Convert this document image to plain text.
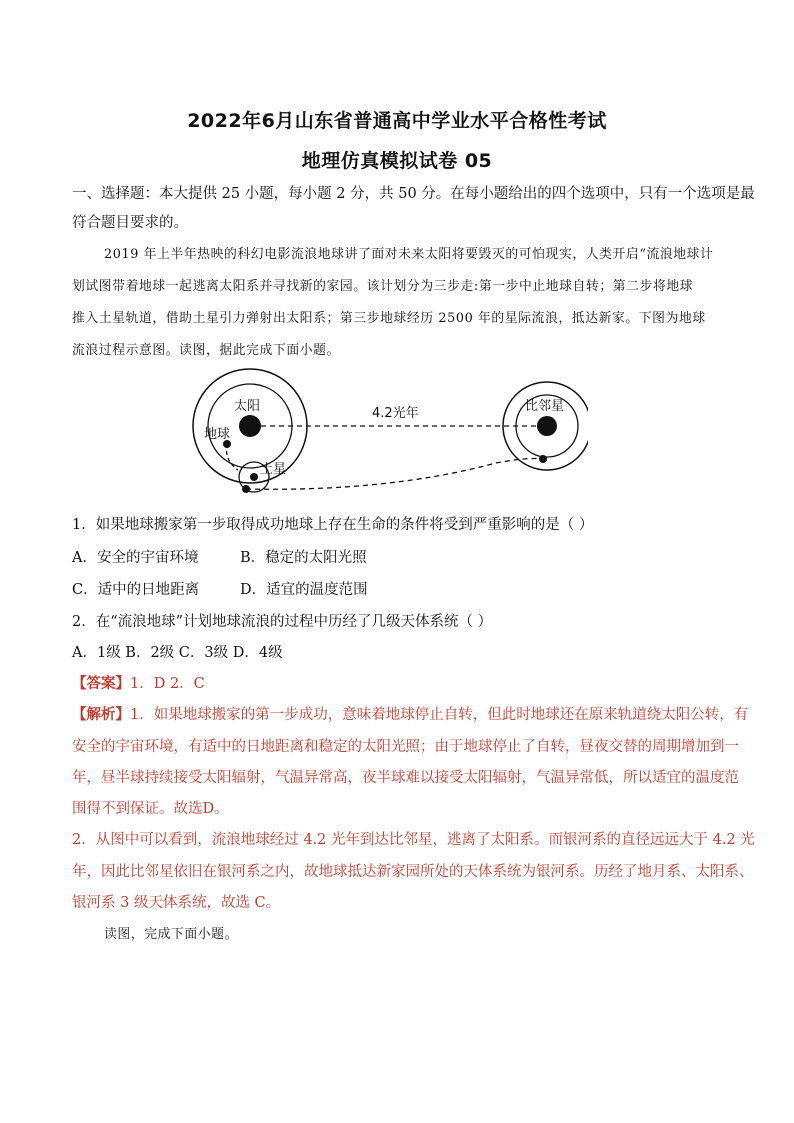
2022年6月山东省普通高中学业水平合格性考试
地理仿真模拟试卷 05
一、选择题：本大提供 25 小题，每小题 2 分，共 50 分。在每小题给出的四个选项中，只有一个选项是最
符合题目要求的。
2019 年上半年热映的科幻电影流浪地球讲了面对未来太阳将要毁灭的可怕现实，人类开启“流浪地球计
划试图带着地球一起逃离太阳系并寻找新的家园。该计划分为三步走:第一步中止地球自转；第二步将地球
推入土星轨道，借助土星引力弹射出太阳系；第三步地球经历 2500 年的星际流浪，抵达新家。下图为地球
流浪过程示意图。读图，据此完成下面小题。
太阳
地球
土星
比邻星
4.2光年
1．如果地球搬家第一步取得成功地球上存在生命的条件将受到严重影响的是（ ）
A．安全的宇宙环境	B．稳定的太阳光照
C．适中的日地距离	D．适宜的温度范围
2．在“流浪地球”计划地球流浪的过程中历经了几级天体系统（ ）
A．1级 B．2级 C．3级 D．4级
【答案】1．D 2．C
【解析】1．如果地球搬家的第一步成功，意味着地球停止自转，但此时地球还在原来轨道绕太阳公转，有
安全的宇宙环境，有适中的日地距离和稳定的太阳光照；由于地球停止了自转，昼夜交替的周期增加到一
年，昼半球持续接受太阳辐射，气温异常高，夜半球难以接受太阳辐射，气温异常低，所以适宜的温度范
围得不到保证。故选D。
2．从图中可以看到，流浪地球经过 4.2 光年到达比邻星，逃离了太阳系。而银河系的直径远远大于 4.2 光
年，因此比邻星依旧在银河系之内，故地球抵达新家园所处的天体系统为银河系。历经了地月系、太阳系、
银河系 3 级天体系统，故选 C。
读图，完成下面小题。
